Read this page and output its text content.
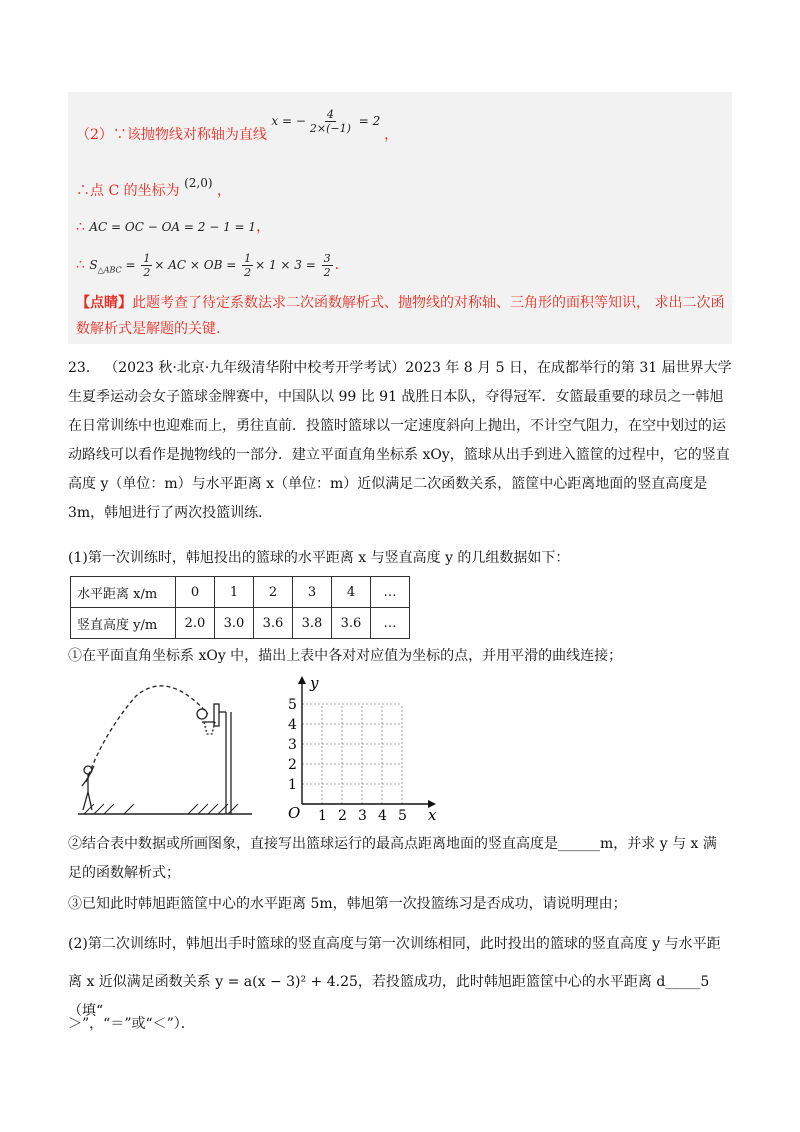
（2）∵该抛物线对称轴为直线 x = − $\frac{4}{2\times(-1)} = 2$ ，
∴点 C 的坐标为 (2,0) ，
∴ AC = OC − OA = 2 − 1 = 1，
∴ $S_{\triangle ABC} = \frac{1}{2}$ × AC × OB = $\frac{1}{2} \times 1 \times 3 = \frac{3}{2}$ ．
【点睛】此题考查了待定系数法求二次函数解析式、抛物线的对称轴、三角形的面积等知识， 求出二次函数解析式是解题的关键.
23． （2023 秋·北京·九年级清华附中校考开学考试）2023 年 8 月 5 日，在成都举行的第 31 届世界大学生夏季运动会女子篮球金牌赛中，中国队以 99 比 91 战胜日本队，夺得冠军．女篮最重要的球员之一韩旭在日常训练中也迎难而上，勇往直前．投篮时篮球以一定速度斜向上抛出，不计空气阻力，在空中划过的运动路线可以看作是抛物线的一部分．建立平面直角坐标系 xOy，篮球从出手到进入篮筐的过程中，它的竖直高度 y（单位：m）与水平距离 x（单位：m）近似满足二次函数关系，篮筐中心距离地面的竖直高度是 3m，韩旭进行了两次投篮训练．
(1)第一次训练时，韩旭投出的篮球的水平距离 x 与竖直高度 y 的几组数据如下：
水平距离 x/m	0	1	2	3	4	…
竖直高度 y/m	2.0	3.0	3.6	3.8	3.6	…
①在平面直角坐标系 xOy 中，描出上表中各对对应值为坐标的点，并用平滑的曲线连接；
x
y
O 1 2 3 4 5
1
2
3
4
5
②结合表中数据或所画图象，直接写出篮球运行的最高点距离地面的竖直高度是______m，并求 y 与 x 满
足的函数解析式；
③已知此时韩旭距篮筐中心的水平距离 5m，韩旭第一次投篮练习是否成功，请说明理由；
(2)第二次训练时，韩旭出手时篮球的竖直高度与第一次训练相同，此时投出的篮球的竖直高度 y 与水平距
离 x 近似满足函数关系 y = a(x − 3)² + 4.25，若投篮成功，此时韩旭距篮筐中心的水平距离 d_____5（填“
＞”，“＝”或“＜”）．
